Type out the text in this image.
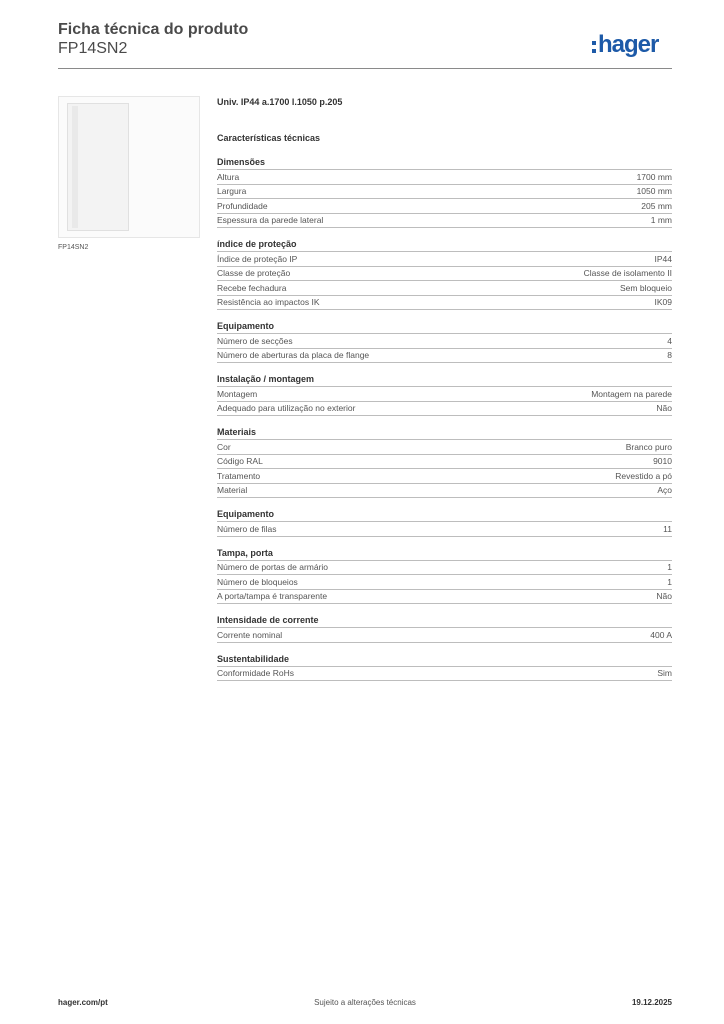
Ficha técnica do produto
FP14SN2	hager
FP14SN2
Univ. IP44 a.1700 l.1050 p.205
Características técnicas
Dimensões
Altura	1700 mm
Largura	1050 mm
Profundidade	205 mm
Espessura da parede lateral	1 mm
índice de proteção
Índice de proteção IP	IP44
Classe de proteção	Classe de isolamento II
Recebe fechadura	Sem bloqueio
Resistência ao impactos IK	IK09
Equipamento
Número de secções	4
Número de aberturas da placa de flange	8
Instalação / montagem
Montagem	Montagem na parede
Adequado para utilização no exterior	Não
Materiais
Cor	Branco puro
Código RAL	9010
Tratamento	Revestido a pó
Material	Aço
Equipamento
Número de filas	11
Tampa, porta
Número de portas de armário	1
Número de bloqueios	1
A porta/tampa é transparente	Não
Intensidade de corrente
Corrente nominal	400 A
Sustentabilidade
Conformidade RoHs	Sim
hager.com/pt	Sujeito a alterações técnicas	19.12.2025
